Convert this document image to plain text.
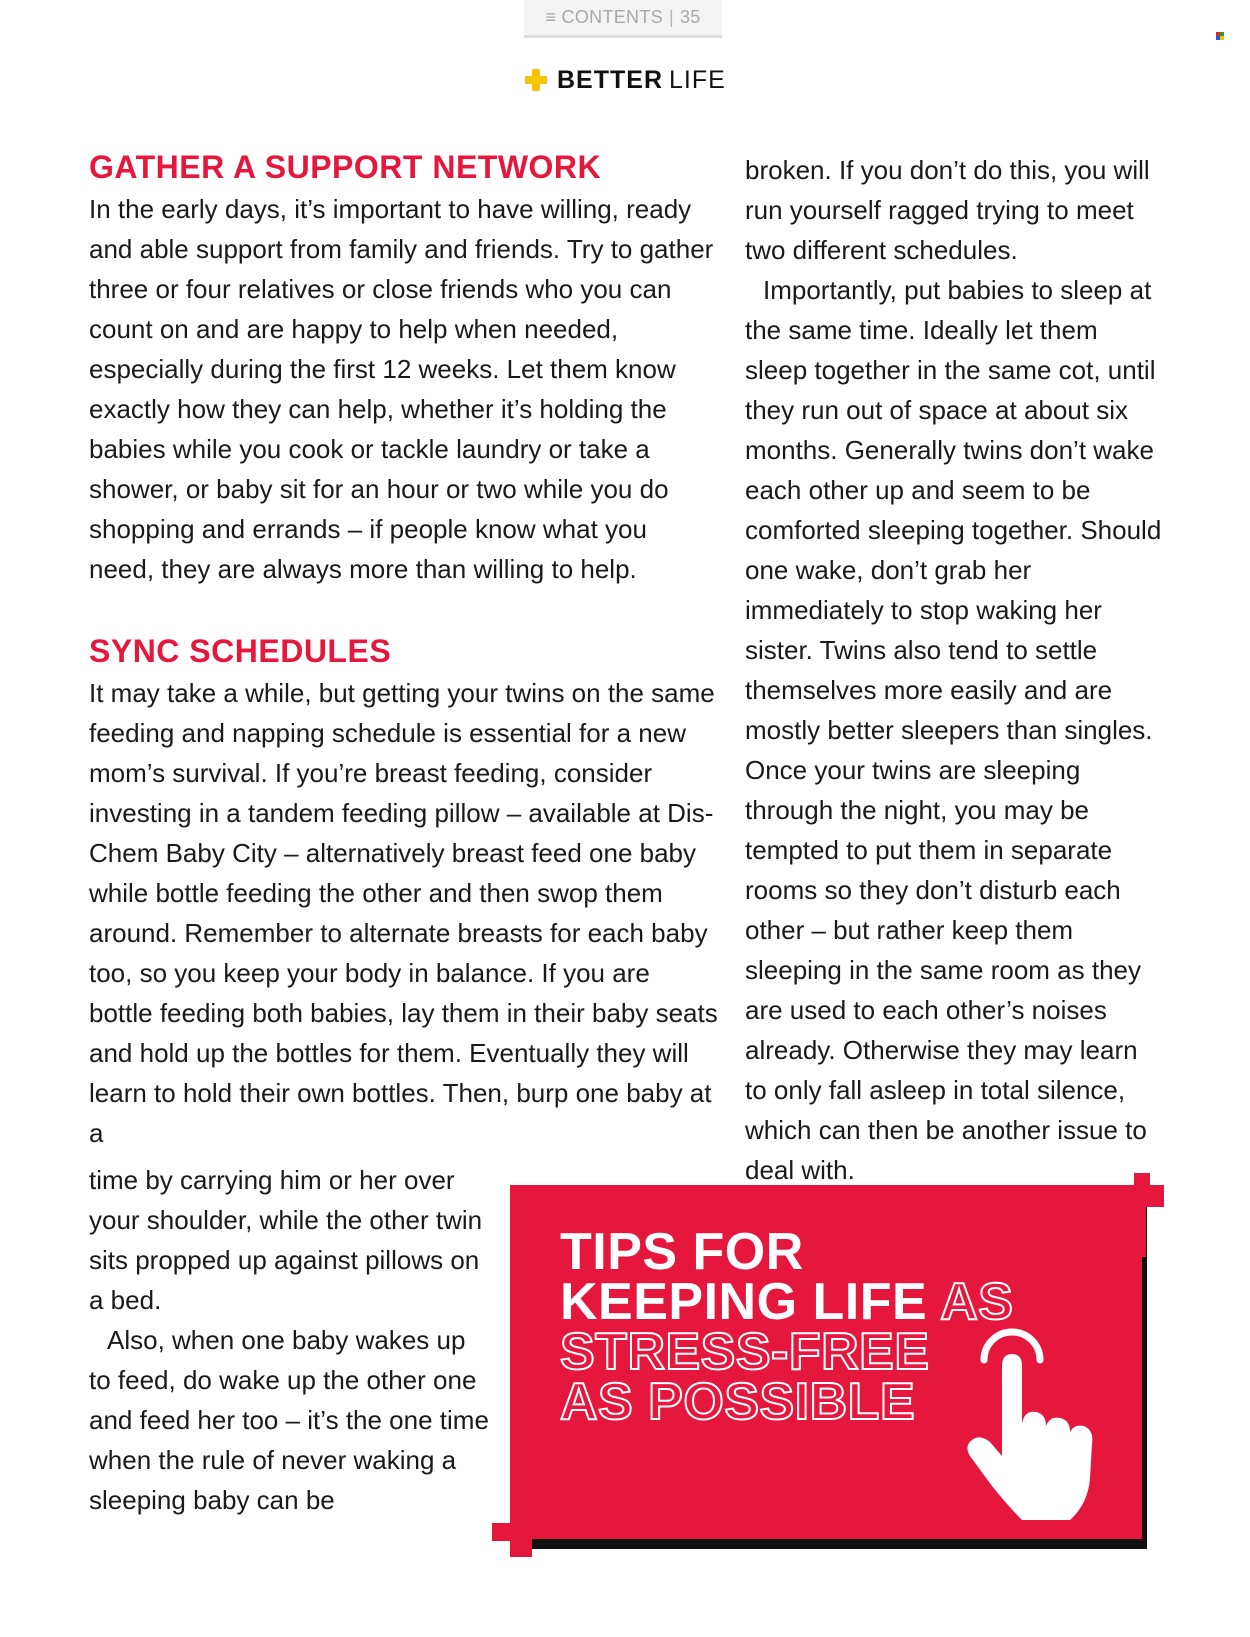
≡ CONTENTS | 35
BETTER LIFE
GATHER A SUPPORT NETWORK

In the early days, it’s important to have willing, ready and able support from family and friends. Try to gather three or four relatives or close friends who you can count on and are happy to help when needed, especially during the first 12 weeks. Let them know exactly how they can help, whether it’s holding the babies while you cook or tackle laundry or take a shower, or baby sit for an hour or two while you do shopping and errands – if people know what you need, they are always more than willing to help.

SYNC SCHEDULES

It may take a while, but getting your twins on the same feeding and napping schedule is essential for a new mom’s survival. If you’re breast feeding, consider investing in a tandem feeding pillow – available at Dis-Chem Baby City – alternatively breast feed one baby while bottle feeding the other and then swop them around. Remember to alternate breasts for each baby too, so you keep your body in balance. If you are bottle feeding both babies, lay them in their baby seats and hold up the bottles for them. Eventually they will learn to hold their own bottles. Then, burp one baby at a

time by carrying him or her over your shoulder, while the other twin sits propped up against pillows on a bed.

Also, when one baby wakes up to feed, do wake up the other one and feed her too – it’s the one time when the rule of never waking a sleeping baby can be

broken. If you don’t do this, you will run yourself ragged trying to meet two different schedules.

Importantly, put babies to sleep at the same time. Ideally let them sleep together in the same cot, until they run out of space at about six months. Generally twins don’t wake each other up and seem to be comforted sleeping together. Should one wake, don’t grab her immediately to stop waking her sister. Twins also tend to settle themselves more easily and are mostly better sleepers than singles. Once your twins are sleeping through the night, you may be tempted to put them in separate rooms so they don’t disturb each other – but rather keep them sleeping in the same room as they are used to each other’s noises already. Otherwise they may learn to only fall asleep in total silence, which can then be another issue to deal with.

TIPS FOR
KEEPING LIFE AS
STRESS-FREE
AS POSSIBLE
